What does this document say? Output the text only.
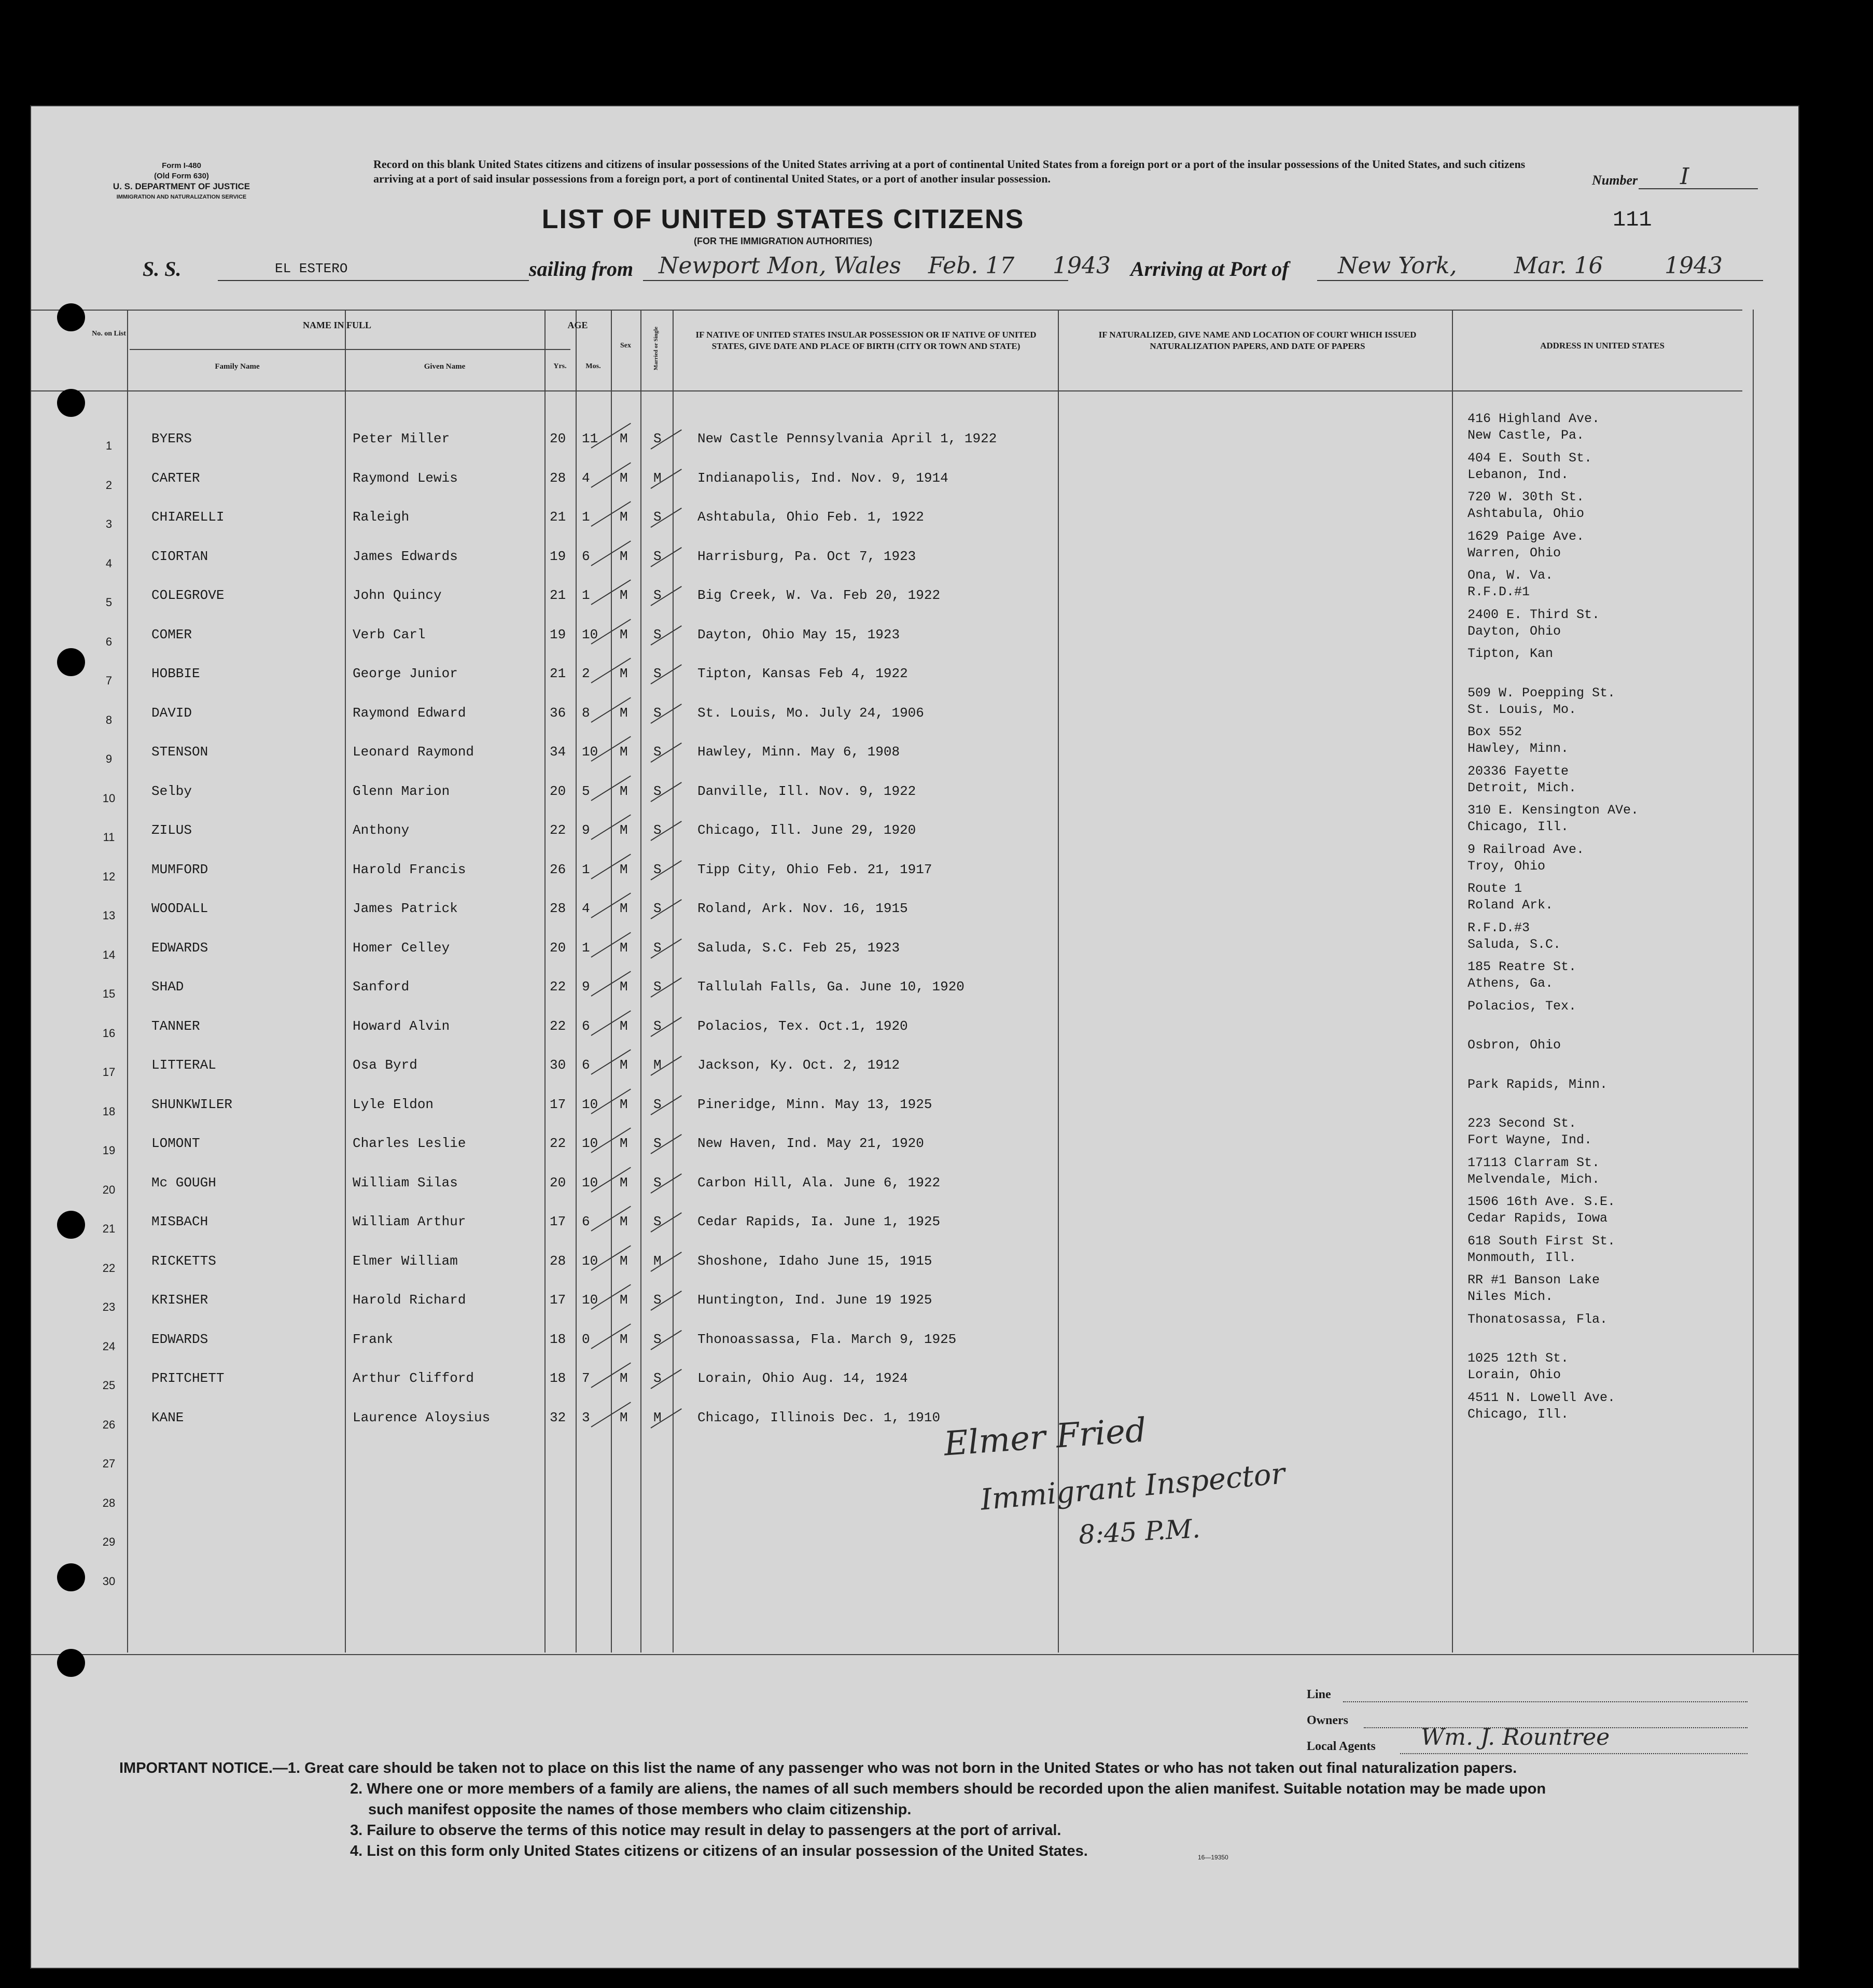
Form I-480
(Old Form 630)
U. S. DEPARTMENT OF JUSTICE
IMMIGRATION AND NATURALIZATION SERVICE
Record on this blank United States citizens and citizens of insular possessions of the United States arriving at a port of continental United States from a foreign port or a port of the insular possessions of the United States, and such citizens arriving at a port of said insular possessions from a foreign port, a port of continental United States, or a port of another insular possession.
LIST OF UNITED STATES CITIZENS
(FOR THE IMMIGRATION AUTHORITIES)
Number I
111
S. S.	EL ESTERO	sailing from Newport Mon, Wales Feb. 17 1943 Arriving at Port of New York,	Mar. 16	1943
No. on List
NAME IN FULL
Family Name	Given Name
AGE
Yrs.	Mos.
Sex	Married or Single	IF NATIVE OF UNITED STATES INSULAR POSSESSION OR IF NATIVE OF UNITED STATES, GIVE DATE AND PLACE OF BIRTH (CITY OR TOWN AND STATE)
IF NATURALIZED, GIVE NAME AND LOCATION OF COURT WHICH ISSUED NATURALIZATION PAPERS, AND DATE OF PAPERS	ADDRESS IN UNITED STATES
1	BYERS	Peter Miller	20 11 M S	New Castle Pennsylvania April 1, 1922
416 Highland Ave.
New Castle, Pa.
2	CARTER	Raymond Lewis	28 4 M M	Indianapolis, Ind. Nov. 9, 1914
404 E. South St.
Lebanon, Ind.
3	CHIARELLI	Raleigh	21 1 M S	Ashtabula, Ohio Feb. 1, 1922
720 W. 30th St.
Ashtabula, Ohio
4	CIORTAN	James Edwards	19 6 M S	Harrisburg, Pa. Oct 7, 1923
1629 Paige Ave.
Warren, Ohio
5	COLEGROVE	John Quincy	21 1 M S	Big Creek, W. Va. Feb 20, 1922
Ona, W. Va.
R.F.D.#1
6	COMER	Verb Carl	19 10 M S	Dayton, Ohio May 15, 1923
2400 E. Third St.
Dayton, Ohio
7	HOBBIE	George Junior	21 2 M S	Tipton, Kansas Feb 4, 1922
Tipton, Kan
8	DAVID	Raymond Edward	36 8 M S	St. Louis, Mo. July 24, 1906
509 W. Poepping St.
St. Louis, Mo.
9	STENSON	Leonard Raymond	34 10 M S	Hawley, Minn. May 6, 1908
Box 552
Hawley, Minn.
10	Selby	Glenn Marion	20 5 M S	Danville, Ill. Nov. 9, 1922
20336 Fayette
Detroit, Mich.
11	ZILUS	Anthony	22 9 M S	Chicago, Ill. June 29, 1920
310 E. Kensington AVe.
Chicago, Ill.
12	MUMFORD	Harold Francis	26 1 M S	Tipp City, Ohio Feb. 21, 1917
9 Railroad Ave.
Troy, Ohio
13	WOODALL	James Patrick	28 4 M S	Roland, Ark. Nov. 16, 1915
Route 1
Roland Ark.
14	EDWARDS	Homer Celley	20 1 M S	Saluda, S.C. Feb 25, 1923
R.F.D.#3
Saluda, S.C.
15	SHAD	Sanford	22 9 M S	Tallulah Falls, Ga. June 10, 1920
185 Reatre St.
Athens, Ga.
16	TANNER	Howard Alvin	22 6 M S	Polacios, Tex. Oct.1, 1920
Polacios, Tex.
17	LITTERAL	Osa Byrd	30 6 M M	Jackson, Ky. Oct. 2, 1912
Osbron, Ohio
18	SHUNKWILER	Lyle Eldon	17 10 M S	Pineridge, Minn. May 13, 1925
Park Rapids, Minn.
19	LOMONT	Charles Leslie	22 10 M S	New Haven, Ind. May 21, 1920
223 Second St.
Fort Wayne, Ind.
20	Mc GOUGH	William Silas	20 10 M S	Carbon Hill, Ala. June 6, 1922
17113 Clarram St.
Melvendale, Mich.
21	MISBACH	William Arthur	17 6 M S	Cedar Rapids, Ia. June 1, 1925
1506 16th Ave. S.E.
Cedar Rapids, Iowa
22	RICKETTS	Elmer William	28 10 M M	Shoshone, Idaho June 15, 1915
618 South First St.
Monmouth, Ill.
23	KRISHER	Harold Richard	17 10 M S	Huntington, Ind. June 19 1925
RR #1 Banson Lake
Niles Mich.
24	EDWARDS	Frank	18 0 M S	Thonoassassa, Fla. March 9, 1925
Thonatosassa, Fla.
25	PRITCHETT	Arthur Clifford	18 7 M S	Lorain, Ohio Aug. 14, 1924
1025 12th St.
Lorain, Ohio
26	KANE	Laurence Aloysius	32 3 M M	Chicago, Illinois Dec. 1, 1910
4511 N. Lowell Ave.
Chicago, Ill.
27
28
29
30
Elmer Fried
Immigrant Inspector
8:45 P.M.
Line
Owners
Local Agents Wm. J. Rountree
IMPORTANT NOTICE.—1. Great care should be taken not to place on this list the name of any passenger who was not born in the United States or who has not taken out final naturalization papers.
2. Where one or more members of a family are aliens, the names of all such members should be recorded upon the alien manifest. Suitable notation may be made upon
such manifest opposite the names of those members who claim citizenship.
3. Failure to observe the terms of this notice may result in delay to passengers at the port of arrival.
4. List on this form only United States citizens or citizens of an insular possession of the United States.	16—19350
